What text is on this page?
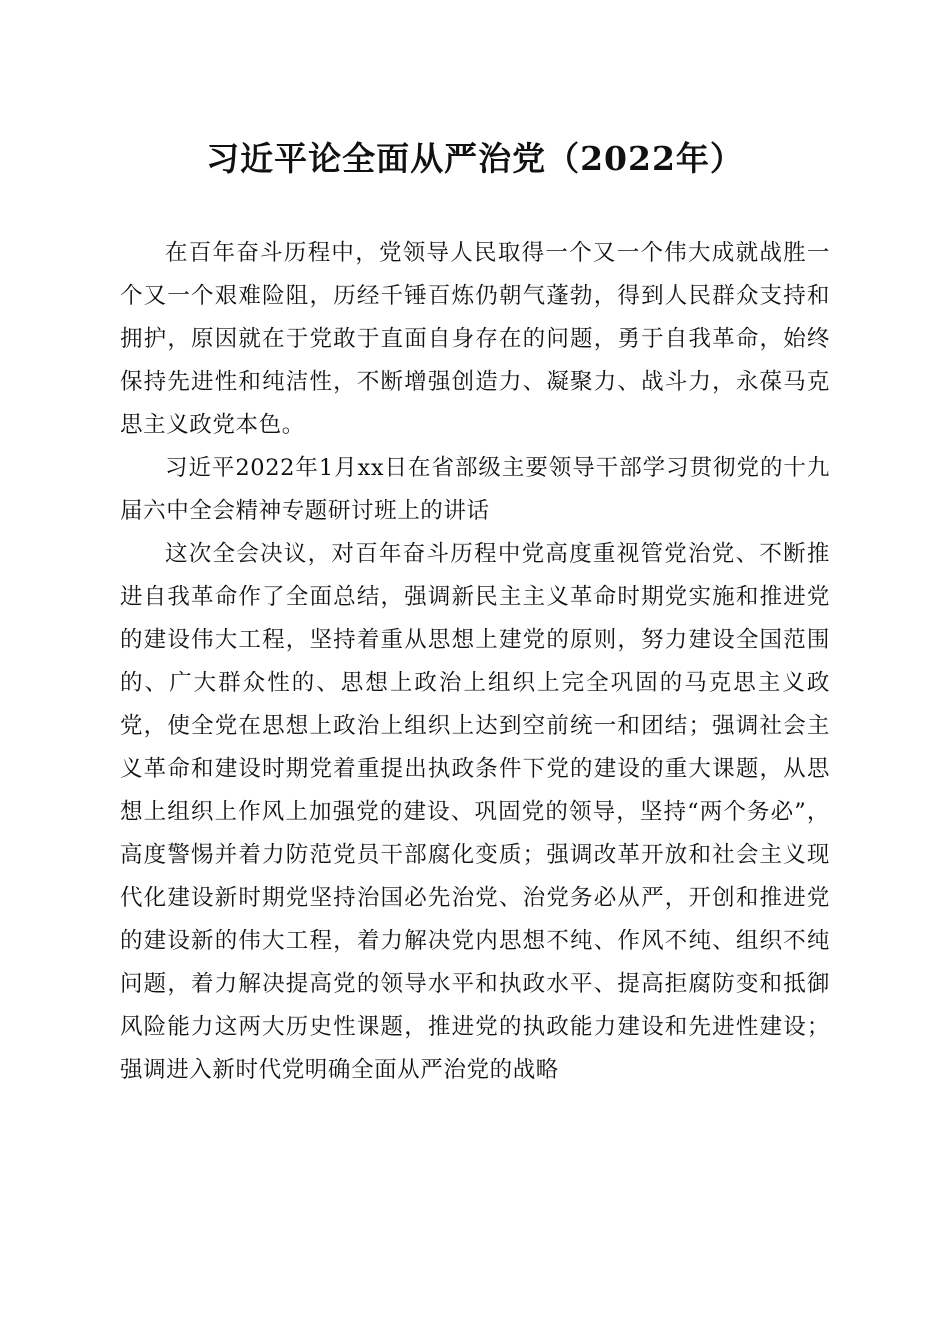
习近平论全面从严治党（2022年）

在百年奋斗历程中，党领导人民取得一个又一个伟大成就战胜一个又一个艰难险阻，历经千锤百炼仍朝气蓬勃，得到人民群众支持和拥护，原因就在于党敢于直面自身存在的问题，勇于自我革命，始终保持先进性和纯洁性，不断增强创造力、凝聚力、战斗力，永葆马克思主义政党本色。

习近平2022年1月xx日在省部级主要领导干部学习贯彻党的十九届六中全会精神专题研讨班上的讲话

这次全会决议，对百年奋斗历程中党高度重视管党治党、不断推进自我革命作了全面总结，强调新民主主义革命时期党实施和推进党的建设伟大工程，坚持着重从思想上建党的原则，努力建设全国范围的、广大群众性的、思想上政治上组织上完全巩固的马克思主义政党，使全党在思想上政治上组织上达到空前统一和团结；强调社会主义革命和建设时期党着重提出执政条件下党的建设的重大课题，从思想上组织上作风上加强党的建设、巩固党的领导，坚持“两个务必”，高度警惕并着力防范党员干部腐化变质；强调改革开放和社会主义现代化建设新时期党坚持治国必先治党、治党务必从严，开创和推进党的建设新的伟大工程，着力解决党内思想不纯、作风不纯、组织不纯问题，着力解决提高党的领导水平和执政水平、提高拒腐防变和抵御风险能力这两大历史性课题，推进党的执政能力建设和先进性建设；强调进入新时代党明确全面从严治党的战略
